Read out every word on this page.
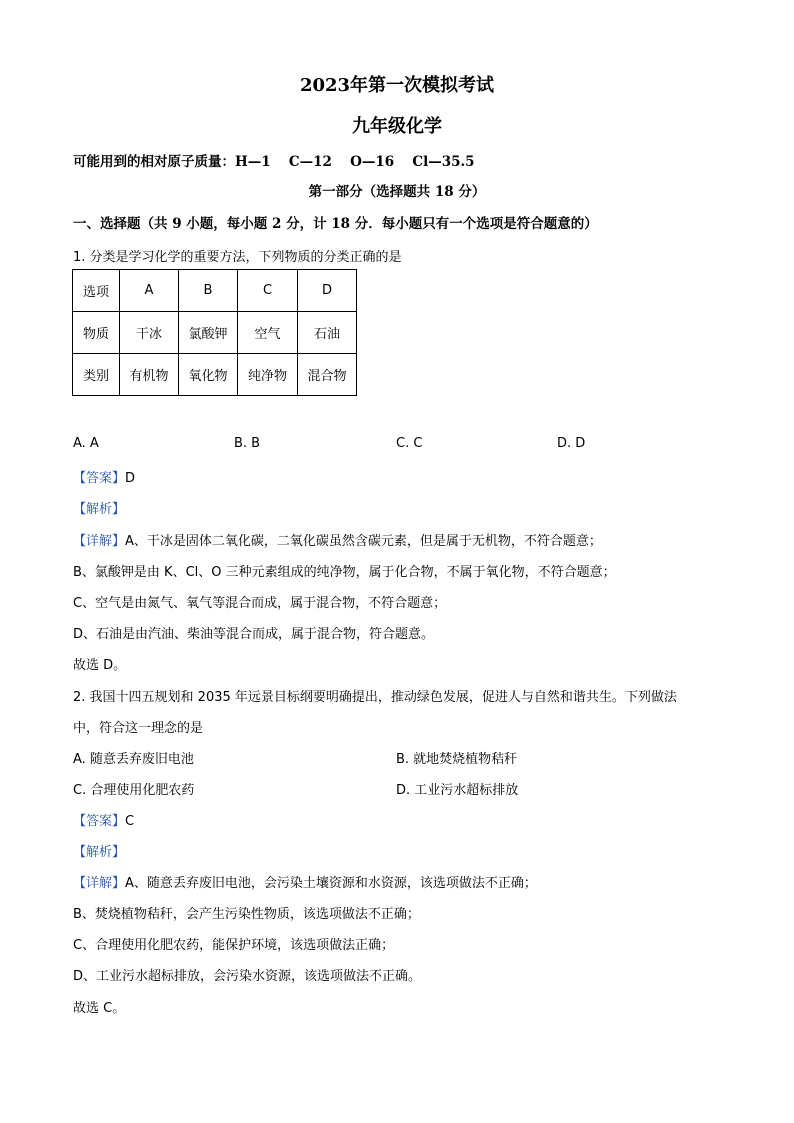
2023年第一次模拟考试
九年级化学
可能用到的相对原子质量：H—1　 C—12　 O—16　 Cl—35.5
第一部分（选择题共 18 分）
一、选择题（共 9 小题，每小题 2 分，计 18 分．每小题只有一个选项是符合题意的）
1. 分类是学习化学的重要方法，下列物质的分类正确的是
选项	A	B	C	D
物质	干冰	氯酸钾	空气	石油
类别	有机物	氧化物	纯净物	混合物
A. A	B. B	C. C	D. D
【答案】D
【解析】
【详解】A、干冰是固体二氧化碳，二氧化碳虽然含碳元素，但是属于无机物，不符合题意；
B、氯酸钾是由 K、Cl、O 三种元素组成的纯净物，属于化合物，不属于氧化物，不符合题意；
C、空气是由氮气、氧气等混合而成，属于混合物，不符合题意；
D、石油是由汽油、柴油等混合而成，属于混合物，符合题意。
故选 D。
2. 我国十四五规划和 2035 年远景目标纲要明确提出，推动绿色发展，促进人与自然和谐共生。下列做法
中，符合这一理念的是
A. 随意丢弃废旧电池	B. 就地焚烧植物秸秆
C. 合理使用化肥农药	D. 工业污水超标排放
【答案】C
【解析】
【详解】A、随意丢弃废旧电池，会污染土壤资源和水资源，该选项做法不正确；
B、焚烧植物秸秆，会产生污染性物质，该选项做法不正确；
C、合理使用化肥农药，能保护环境，该选项做法正确；
D、工业污水超标排放，会污染水资源，该选项做法不正确。
故选 C。
